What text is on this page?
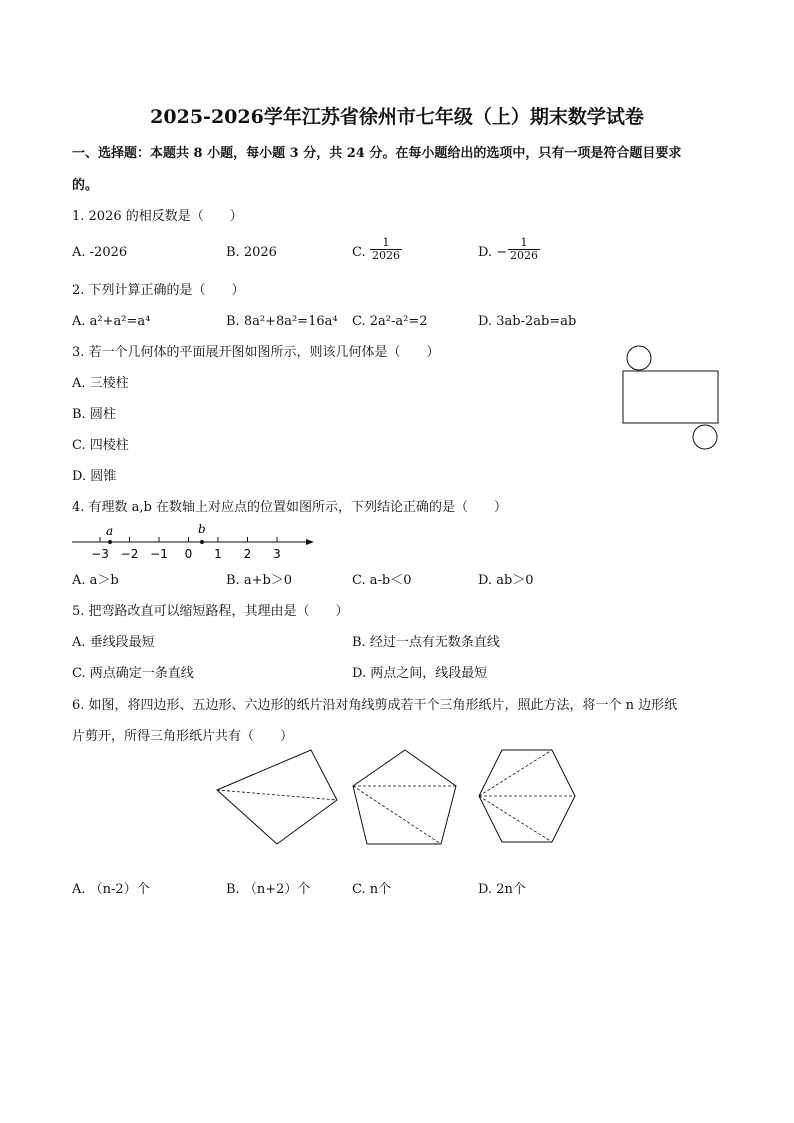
2025-2026学年江苏省徐州市七年级（上）期末数学试卷
一、选择题：本题共 8 小题，每小题 3 分，共 24 分。在每小题给出的选项中，只有一项是符合题目要求
的。
1. 2026 的相反数是（　　）
A. -2026	B. 2026	C. $\frac{1}{2026}$	D. − $\frac{1}{2026}$
2. 下列计算正确的是（　　）
A. a²+a²=a⁴	B. 8a²+8a²=16a⁴ C. 2a²-a²=2	D. 3ab-2ab=ab
3. 若一个几何体的平面展开图如图所示，则该几何体是（　　）
A. 三棱柱
B. 圆柱
C. 四棱柱
D. 圆锥
4. 有理数 a,b 在数轴上对应点的位置如图所示，下列结论正确的是（　　）
−3 −2 −1 0 1 2 3
a	b
A. a＞b	B. a+b＞0	C. a-b＜0	D. ab＞0
5. 把弯路改直可以缩短路程，其理由是（　　）
A. 垂线段最短	B. 经过一点有无数条直线
C. 两点确定一条直线	D. 两点之间，线段最短
6. 如图，将四边形、五边形、六边形的纸片沿对角线剪成若干个三角形纸片，照此方法，将一个 n 边形纸
片剪开，所得三角形纸片共有（　　）
A. （n-2）个	B. （n+2）个	C. n个	D. 2n个
